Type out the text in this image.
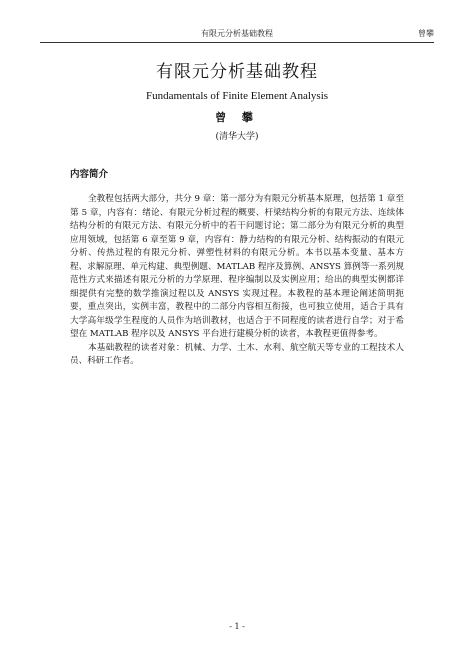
有限元分析基础教程	曾攀
有限元分析基础教程
Fundamentals of Finite Element Analysis
曾 攀
(清华大学)
内容简介

全教程包括两大部分，共分 9 章：第一部分为有限元分析基本原理，包括第 1 章至第 5 章，内容有：绪论、有限元分析过程的概要、杆梁结构分析的有限元方法、连续体结构分析的有限元方法、有限元分析中的若干问题讨论；第二部分为有限元分析的典型应用领域，包括第 6 章至第 9 章，内容有：静力结构的有限元分析、结构振动的有限元分析、传热过程的有限元分析、弹塑性材料的有限元分析。本书以基本变量、基本方程、求解原理、单元构建、典型例题、MATLAB 程序及算例、ANSYS 算例等一系列规范性方式来描述有限元分析的力学原理、程序编制以及实例应用；给出的典型实例都详细提供有完整的数学推演过程以及 ANSYS 实现过程。本教程的基本理论阐述简明扼要，重点突出，实例丰富，教程中的二部分内容相互衔接，也可独立使用，适合于具有大学高年级学生程度的人员作为培训教材，也适合于不同程度的读者进行自学；对于希望在 MATLAB 程序以及 ANSYS 平台进行建模分析的读者，本教程更值得参考。

本基础教程的读者对象：机械、力学、土木、水利、航空航天等专业的工程技术人员、科研工作者。

- 1 -
